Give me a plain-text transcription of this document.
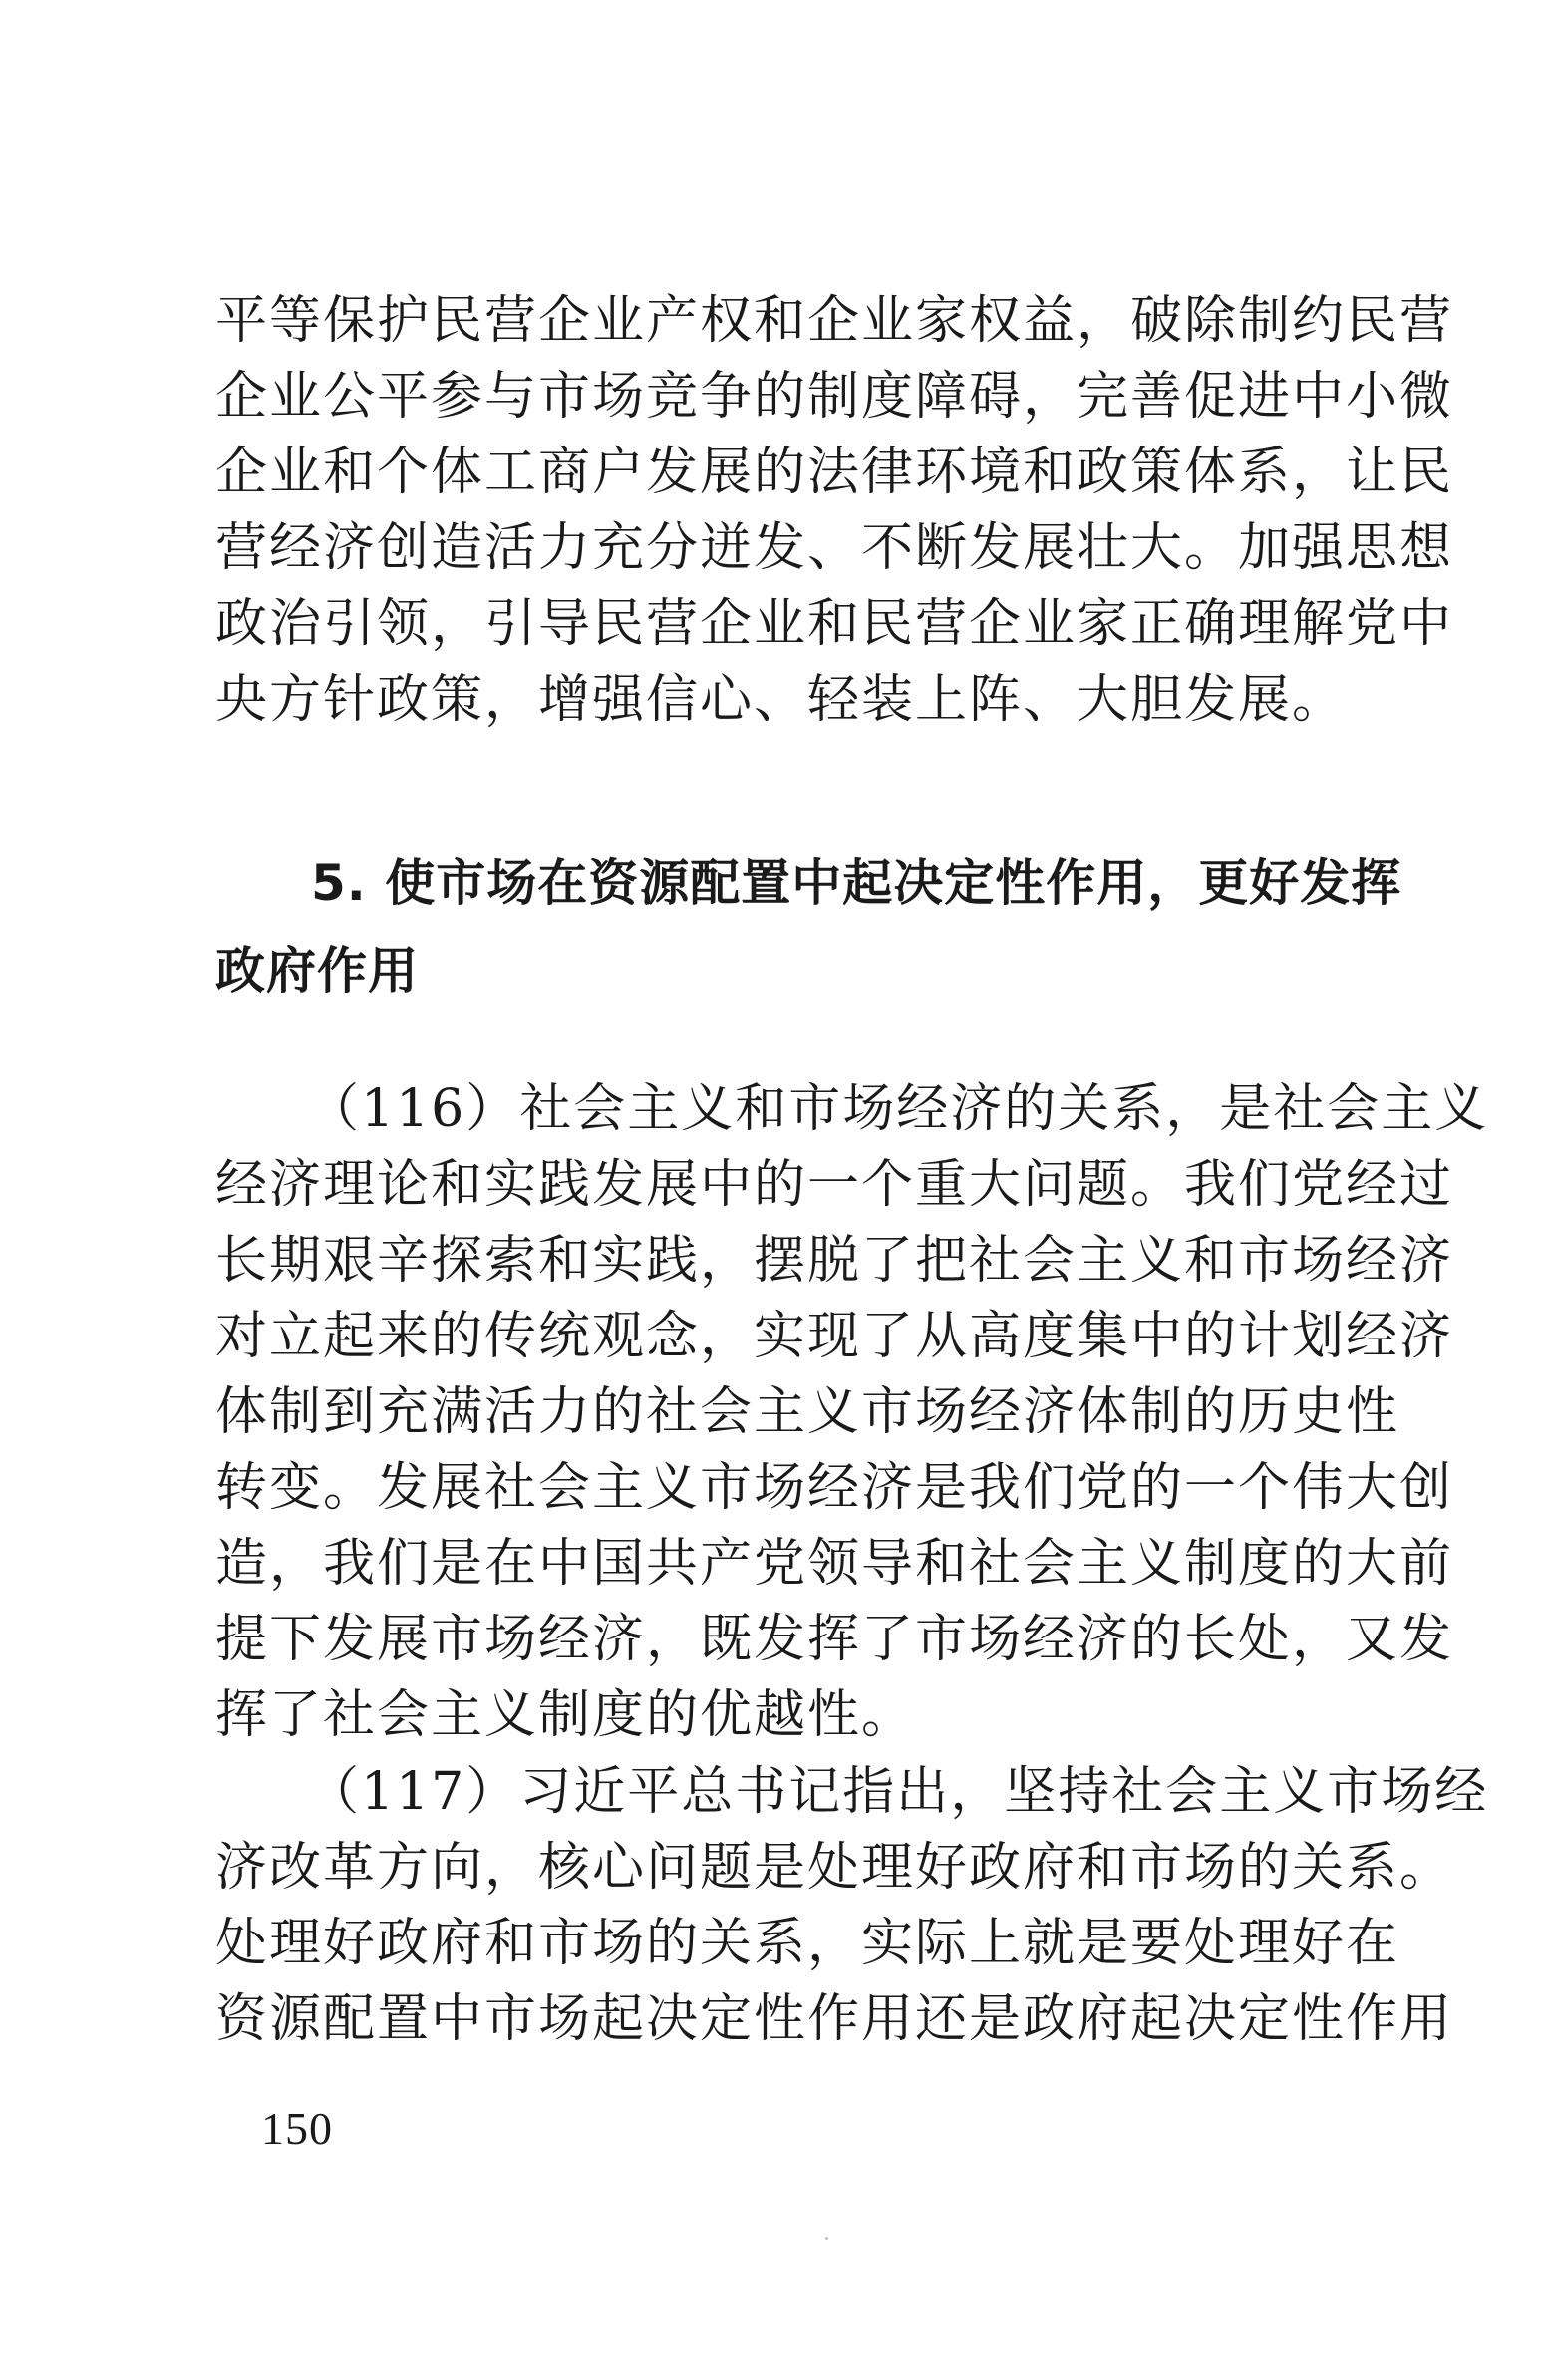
平等保护民营企业产权和企业家权益，破除制约民营
企业公平参与市场竞争的制度障碍，完善促进中小微
企业和个体工商户发展的法律环境和政策体系，让民
营经济创造活力充分迸发、不断发展壮大。加强思想
政治引领，引导民营企业和民营企业家正确理解党中
央方针政策，增强信心、轻装上阵、大胆发展。
5. 使市场在资源配置中起决定性作用，更好发挥
政府作用
（116）社会主义和市场经济的关系，是社会主义
经济理论和实践发展中的一个重大问题。我们党经过
长期艰辛探索和实践，摆脱了把社会主义和市场经济
对立起来的传统观念，实现了从高度集中的计划经济
体制到充满活力的社会主义市场经济体制的历史性
转变。发展社会主义市场经济是我们党的一个伟大创
造，我们是在中国共产党领导和社会主义制度的大前
提下发展市场经济，既发挥了市场经济的长处，又发
挥了社会主义制度的优越性。
（117）习近平总书记指出，坚持社会主义市场经
济改革方向，核心问题是处理好政府和市场的关系。
处理好政府和市场的关系，实际上就是要处理好在
资源配置中市场起决定性作用还是政府起决定性作用
150
